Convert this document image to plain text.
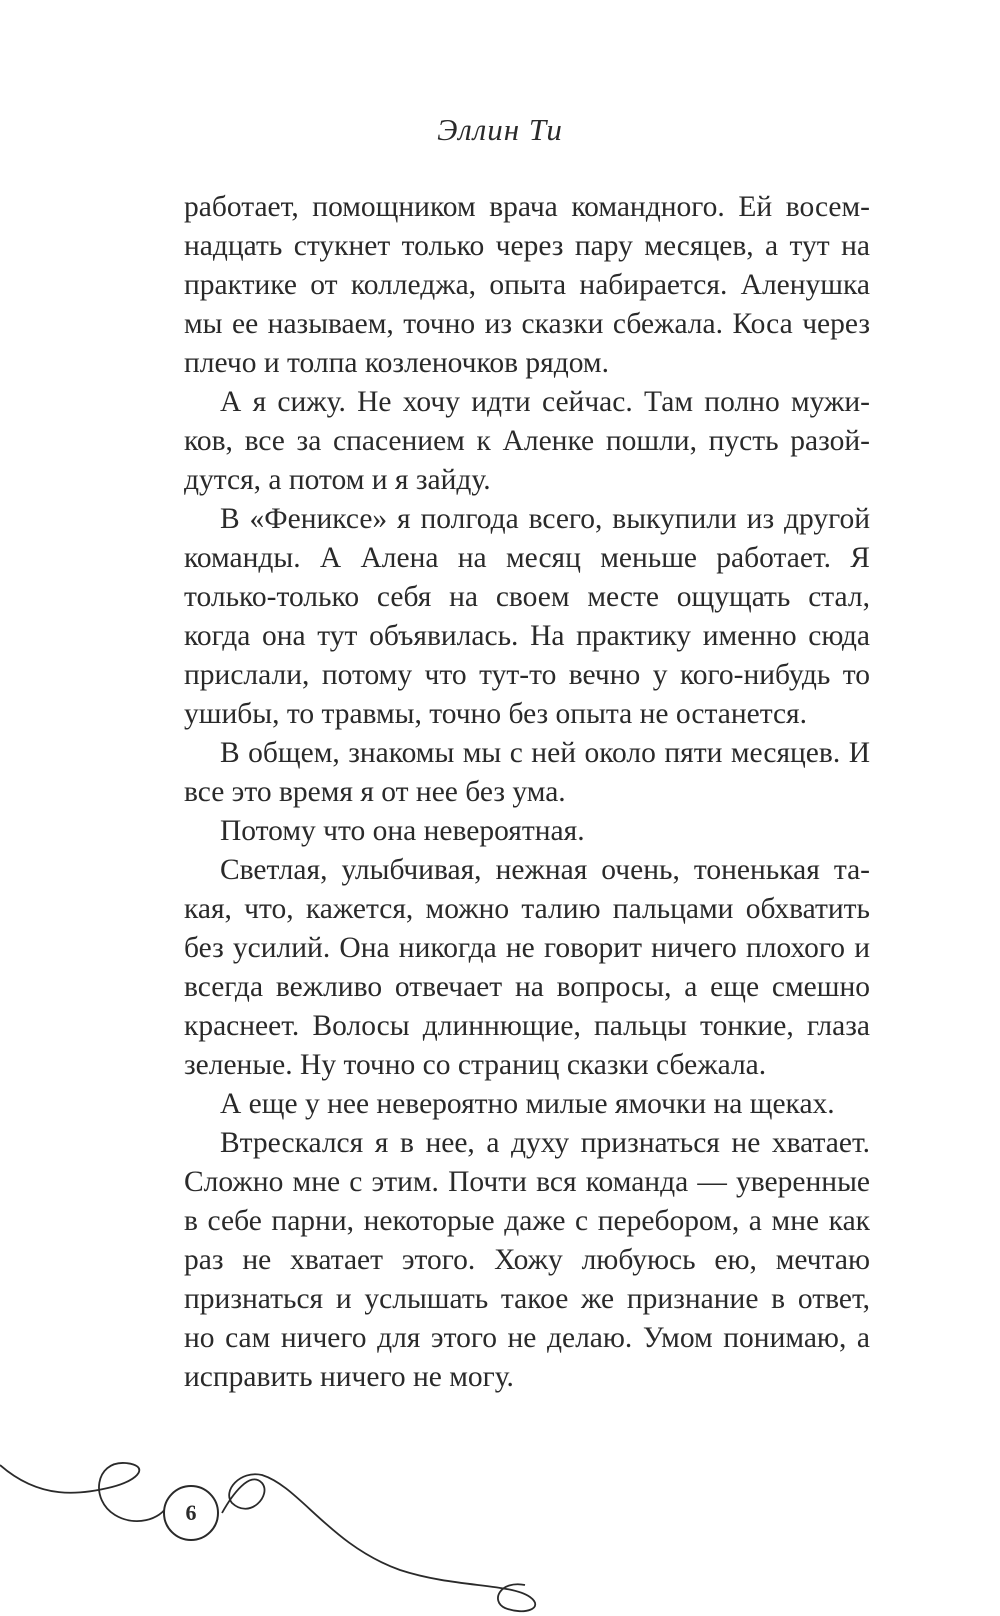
Эллин Ти

работает, помощником врача командного. Ей восемнадцать стукнет только через пару месяцев, а тут на практике от колледжа, опыта набирается. Аленушка мы ее называем, точно из сказки сбежала. Коса через плечо и толпа козленочков рядом.

А я сижу. Не хочу идти сейчас. Там полно мужиков, все за спасением к Аленке пошли, пусть разойдутся, а потом и я зайду.

В «Фениксе» я полгода всего, выкупили из другой команды. А Алена на месяц меньше работает. Я только-только себя на своем месте ощущать стал, когда она тут объявилась. На практику именно сюда прислали, потому что тут-то вечно у кого-нибудь то ушибы, то травмы, точно без опыта не останется.

В общем, знакомы мы с ней около пяти месяцев. И все это время я от нее без ума.

Потому что она невероятная.

Светлая, улыбчивая, нежная очень, тоненькая такая, что, кажется, можно талию пальцами обхватить без усилий. Она никогда не говорит ничего плохого и всегда вежливо отвечает на вопросы, а еще смешно краснеет. Волосы длиннющие, пальцы тонкие, глаза зеленые. Ну точно со страниц сказки сбежала.

А еще у нее невероятно милые ямочки на щеках.

Втрескался я в нее, а духу признаться не хватает. Сложно мне с этим. Почти вся команда — уверенные в себе парни, некоторые даже с перебором, а мне как раз не хватает этого. Хожу любуюсь ею, мечтаю признаться и услышать такое же признание в ответ, но сам ничего для этого не делаю. Умом понимаю, а исправить ничего не могу.

6
